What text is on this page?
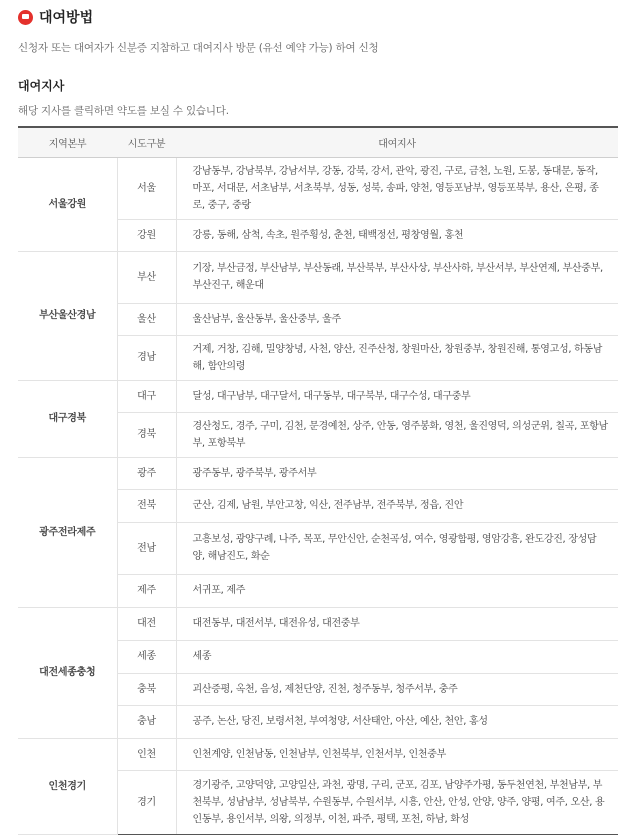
대여방법
신청자 또는 대여자가 신분증 지참하고 대여지사 방문 (유선 예약 가능) 하여 신청
대여지사
해당 지사를 클릭하면 약도를 보실 수 있습니다.
지역본부	시도구분	대여지사
서울강원	서울	강남동부, 강남북부, 강남서부, 강동, 강북, 강서, 관악, 광진, 구로, 금천, 노원, 도봉, 동대문, 동작, 마포, 서대문, 서초남부, 서초북부, 성동, 성북, 송파, 양천, 영등포남부, 영등포북부, 용산, 은평, 종로, 중구, 중랑
	강원	강릉, 동해, 삼척, 속초, 원주횡성, 춘천, 태백정선, 평창영월, 홍천
부산울산경남	부산	기장, 부산금정, 부산남부, 부산동래, 부산북부, 부산사상, 부산사하, 부산서부, 부산연제, 부산중부, 부산진구, 해운대
	울산	울산남부, 울산동부, 울산중부, 울주
	경남	거제, 거창, 김해, 밀양창녕, 사천, 양산, 진주산청, 창원마산, 창원중부, 창원진해, 통영고성, 하동남해, 함안의령
대구경북	대구	달성, 대구남부, 대구달서, 대구동부, 대구북부, 대구수성, 대구중부
	경북	경산청도, 경주, 구미, 김천, 문경예천, 상주, 안동, 영주봉화, 영천, 울진영덕, 의성군위, 칠곡, 포항남부, 포항북부
광주전라제주	광주	광주동부, 광주북부, 광주서부
	전북	군산, 김제, 남원, 부안고창, 익산, 전주남부, 전주북부, 정읍, 진안
	전남	고흥보성, 광양구례, 나주, 목포, 무안신안, 순천곡성, 여수, 영광함평, 영암강흥, 완도강진, 장성담양, 해남진도, 화순
	제주	서귀포, 제주
대전세종충청	대전	대전동부, 대전서부, 대전유성, 대전중부
	세종	세종
	충북	괴산증평, 옥천, 음성, 제천단양, 진천, 청주동부, 청주서부, 충주
	충남	공주, 논산, 당진, 보령서천, 부여청양, 서산태안, 아산, 예산, 천안, 홍성
인천경기	인천	인천계양, 인천남동, 인천남부, 인천북부, 인천서부, 인천중부
	경기	경기광주, 고양덕양, 고양일산, 과천, 광명, 구리, 군포, 김포, 남양주가평, 동두천연천, 부천남부, 부천북부, 성남남부, 성남북부, 수원동부, 수원서부, 시흥, 안산, 안성, 안양, 양주, 양평, 여주, 오산, 용인동부, 용인서부, 의왕, 의정부, 이천, 파주, 평택, 포천, 하남, 화성
